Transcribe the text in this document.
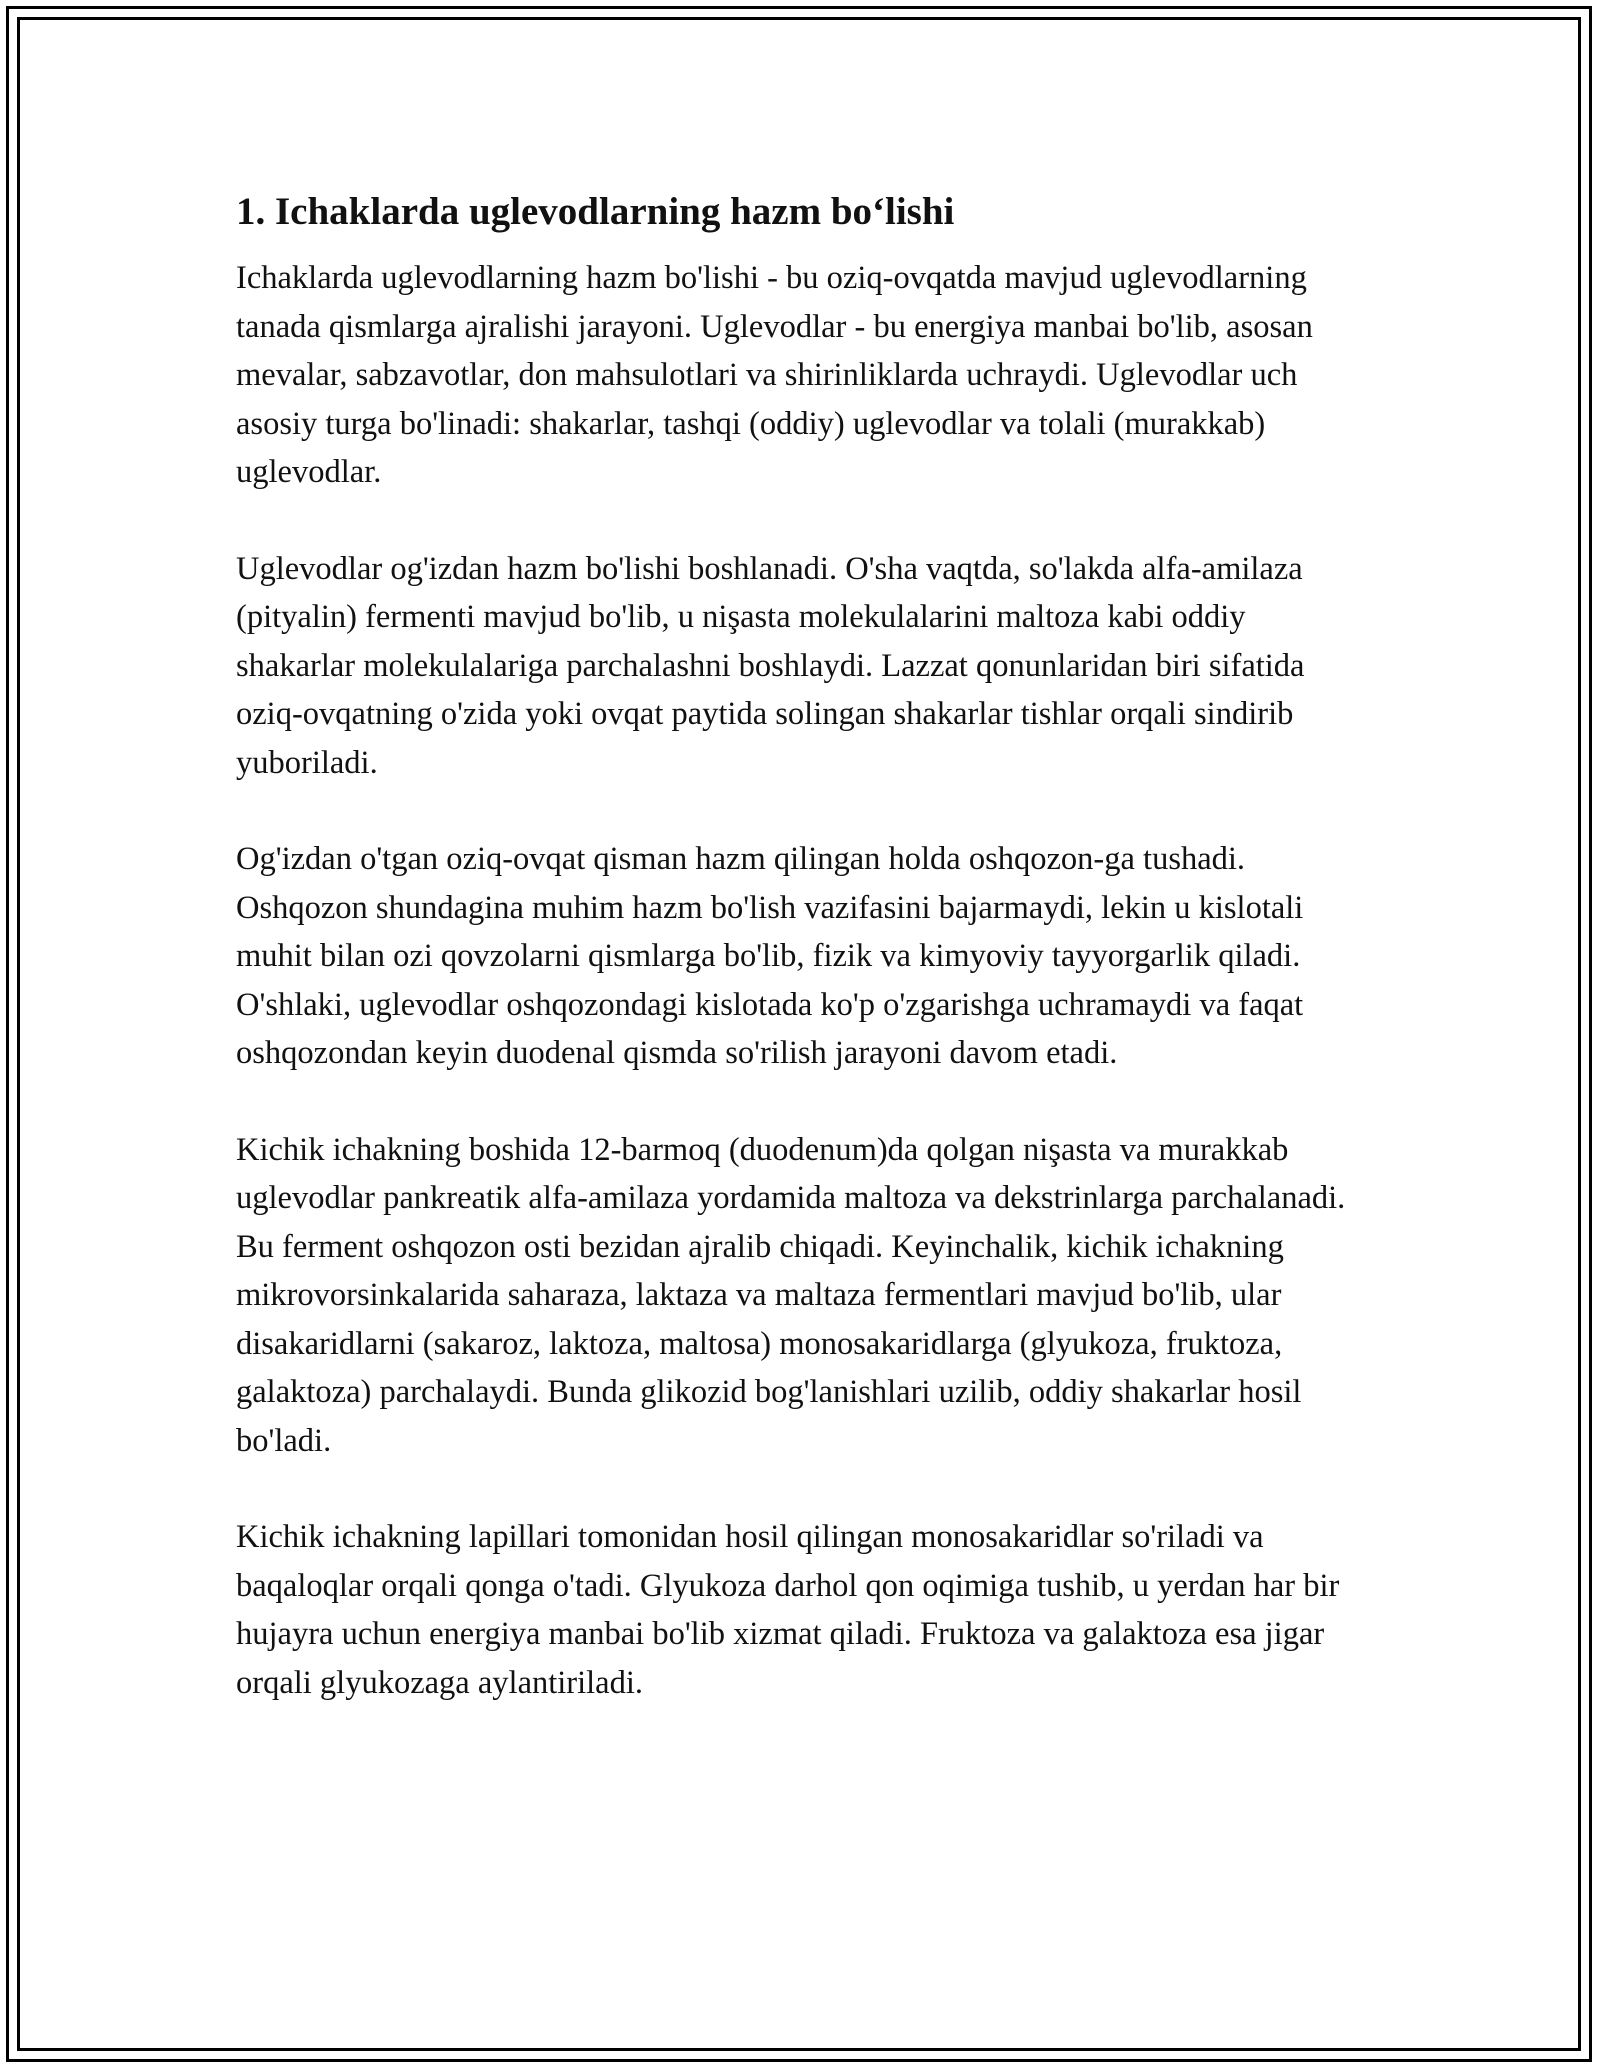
1. Ichaklarda uglevodlarning hazm bo‘lishi

Ichaklarda uglevodlarning hazm bo'lishi - bu oziq-ovqatda mavjud uglevodlarning tanada qismlarga ajralishi jarayoni. Uglevodlar - bu energiya manbai bo'lib, asosan mevalar, sabzavotlar, don mahsulotlari va shirinliklarda uchraydi. Uglevodlar uch asosiy turga bo'linadi: shakarlar, tashqi (oddiy) uglevodlar va tolali (murakkab) uglevodlar.

Uglevodlar og'izdan hazm bo'lishi boshlanadi. O'sha vaqtda, so'lakda alfa-amilaza (pityalin) fermenti mavjud bo'lib, u nişasta molekulalarini maltoza kabi oddiy shakarlar molekulalariga parchalashni boshlaydi. Lazzat qonunlaridan biri sifatida oziq-ovqatning o'zida yoki ovqat paytida solingan shakarlar tishlar orqali sindirib yuboriladi.

Og'izdan o'tgan oziq-ovqat qisman hazm qilingan holda oshqozon-ga tushadi. Oshqozon shundagina muhim hazm bo'lish vazifasini bajarmaydi, lekin u kislotali muhit bilan ozi qovzolarni qismlarga bo'lib, fizik va kimyoviy tayyorgarlik qiladi. O'shlaki, uglevodlar oshqozondagi kislotada ko'p o'zgarishga uchramaydi va faqat oshqozondan keyin duodenal qismda so'rilish jarayoni davom etadi.

Kichik ichakning boshida 12-barmoq (duodenum)da qolgan nişasta va murakkab uglevodlar pankreatik alfa-amilaza yordamida maltoza va dekstrinlarga parchalanadi. Bu ferment oshqozon osti bezidan ajralib chiqadi. Keyinchalik, kichik ichakning mikrovorsinkalarida saharaza, laktaza va maltaza fermentlari mavjud bo'lib, ular disakaridlarni (sakaroz, laktoza, maltosa) monosakaridlarga (glyukoza, fruktoza, galaktoza) parchalaydi. Bunda glikozid bog'lanishlari uzilib, oddiy shakarlar hosil bo'ladi.

Kichik ichakning lapillari tomonidan hosil qilingan monosakaridlar so'riladi va baqaloqlar orqali qonga o'tadi. Glyukoza darhol qon oqimiga tushib, u yerdan har bir hujayra uchun energiya manbai bo'lib xizmat qiladi. Fruktoza va galaktoza esa jigar orqali glyukozaga aylantiriladi.
